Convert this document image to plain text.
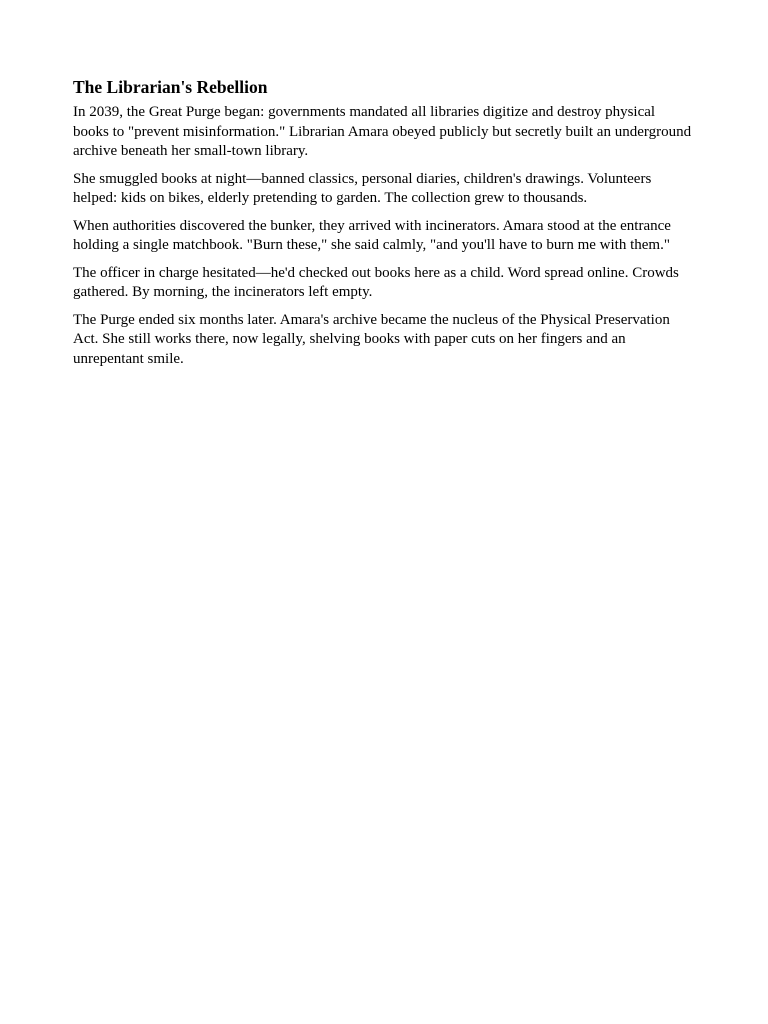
The Librarian's Rebellion

In 2039, the Great Purge began: governments mandated all libraries digitize and destroy physical books to "prevent misinformation." Librarian Amara obeyed publicly but secretly built an underground archive beneath her small-town library.

She smuggled books at night—banned classics, personal diaries, children's drawings. Volunteers helped: kids on bikes, elderly pretending to garden. The collection grew to thousands.

When authorities discovered the bunker, they arrived with incinerators. Amara stood at the entrance holding a single matchbook. "Burn these," she said calmly, "and you'll have to burn me with them."

The officer in charge hesitated—he'd checked out books here as a child. Word spread online. Crowds gathered. By morning, the incinerators left empty.

The Purge ended six months later. Amara's archive became the nucleus of the Physical Preservation Act. She still works there, now legally, shelving books with paper cuts on her fingers and an unrepentant smile.
